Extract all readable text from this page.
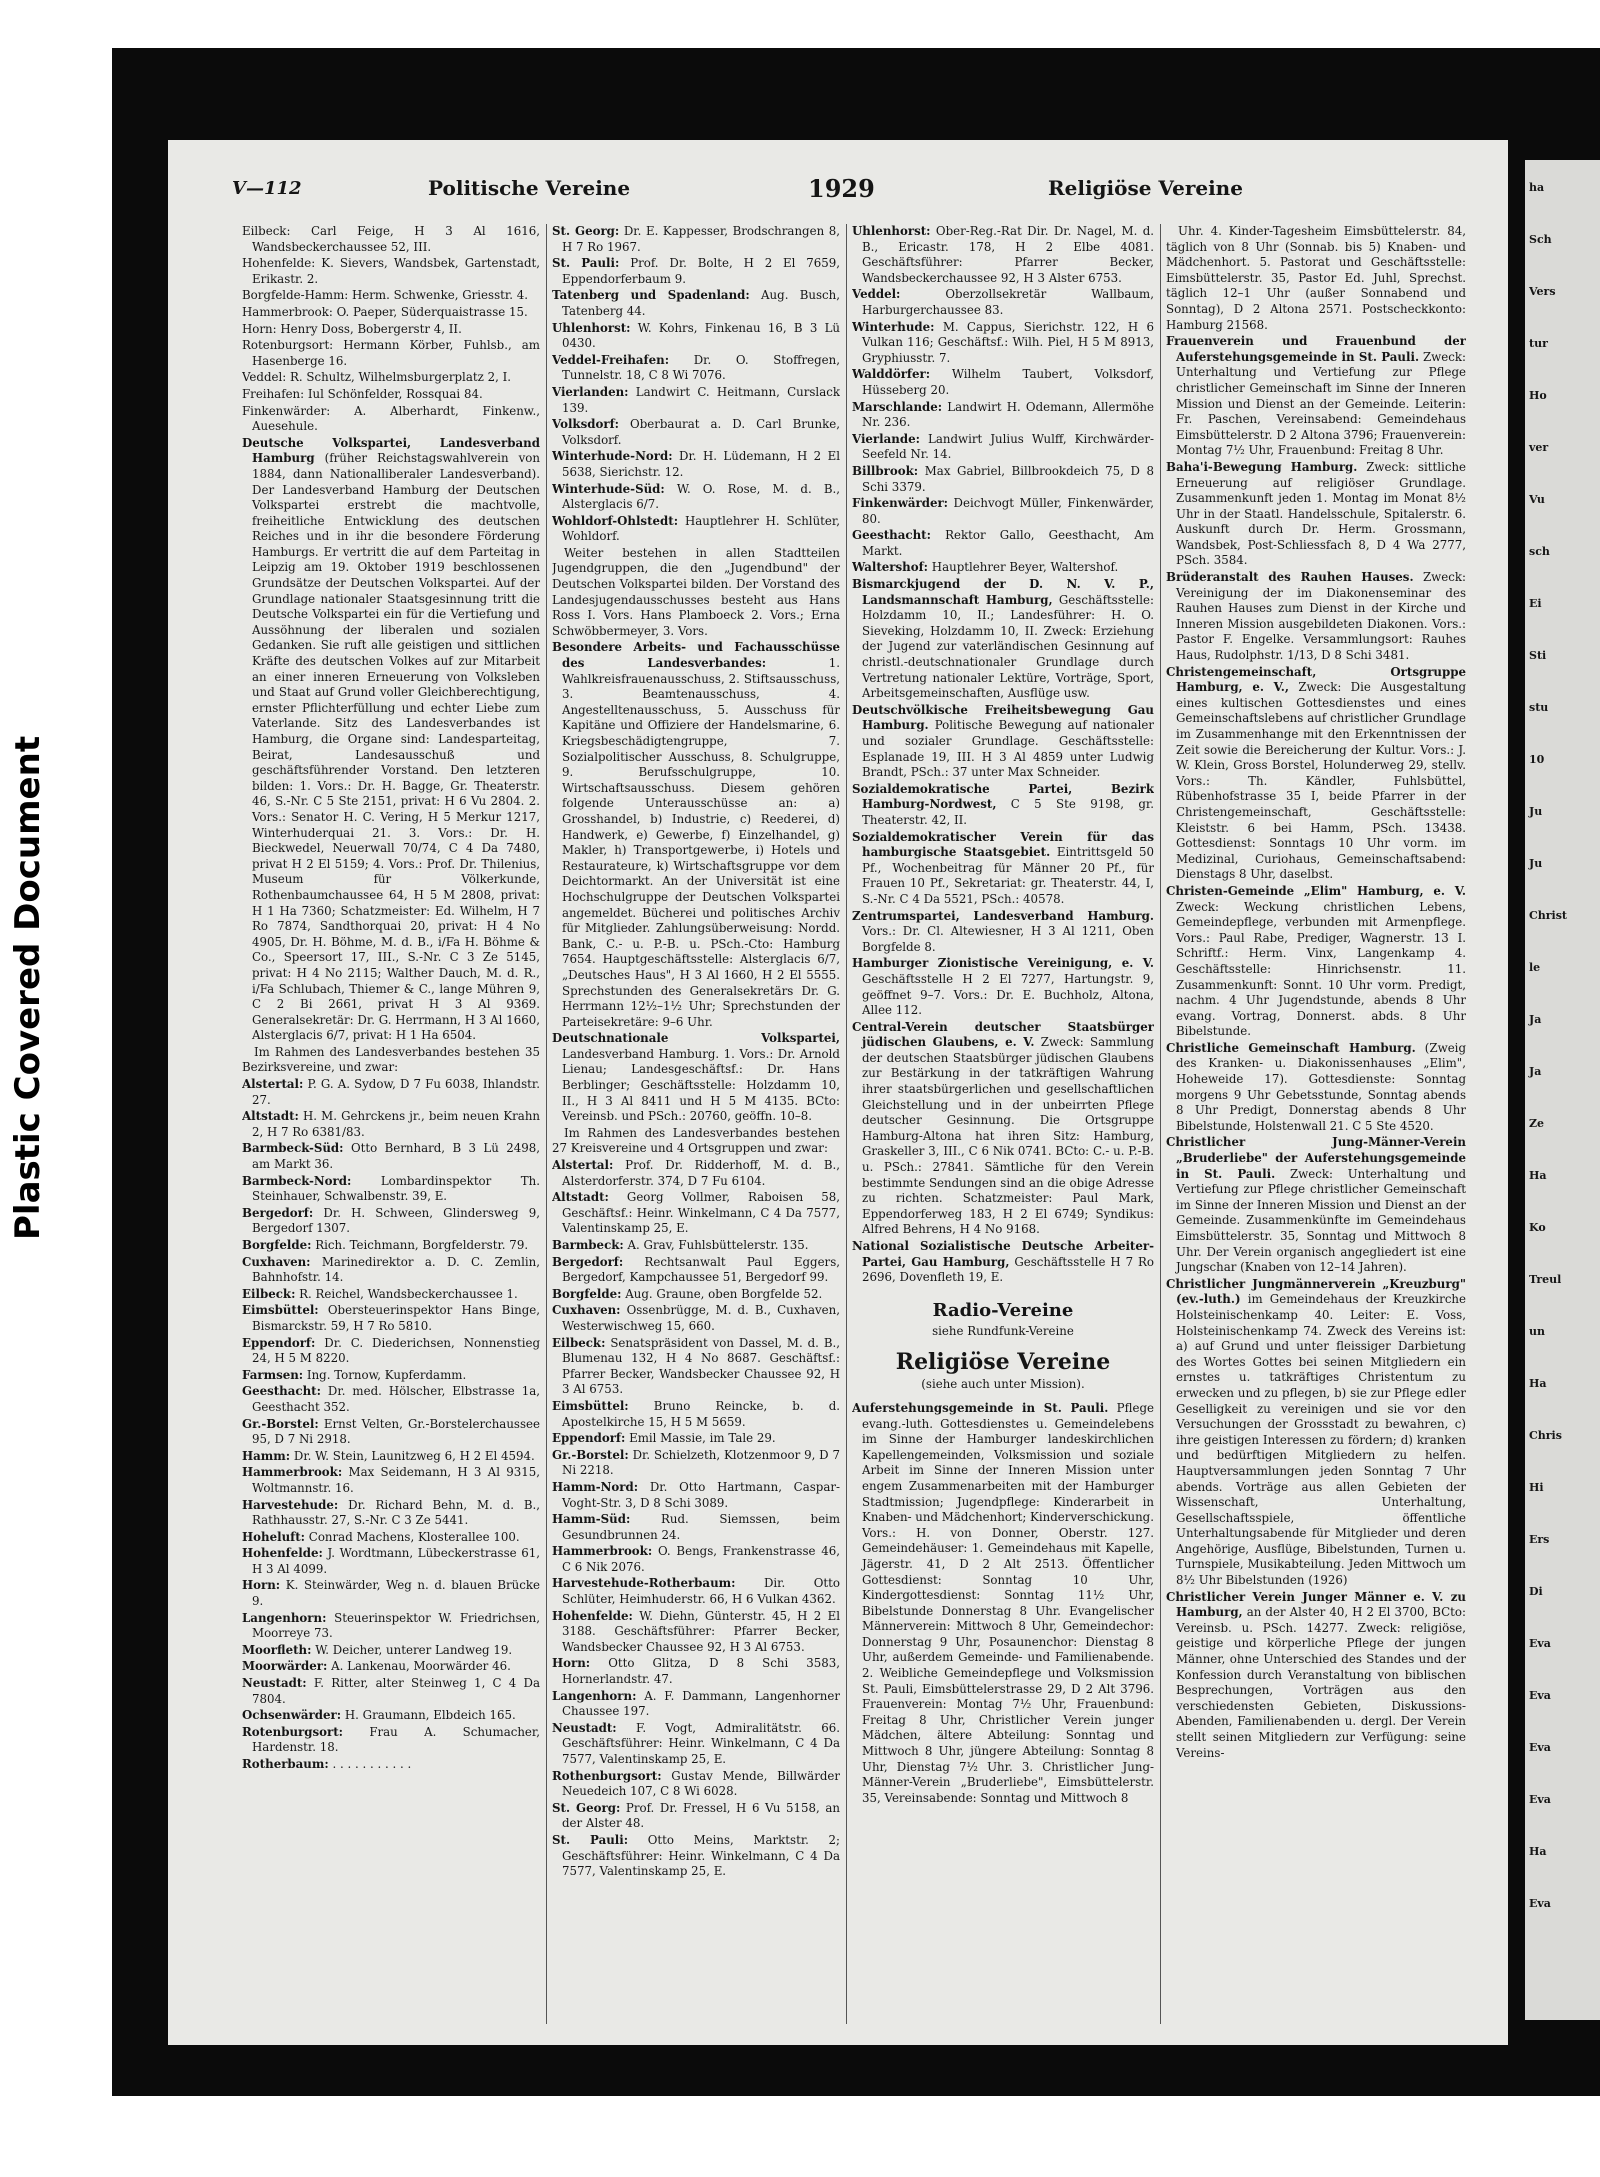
Plastic Covered Document
ha
Sch
Vers
tur
Ho
ver
Vu
sch
Ei
Sti
stu
10
Ju
Ju
Christ
le
Ja
Ja
Ze
Ha
Ko
Treul
un
Ha
Chris
Hi
Ers
Di
Eva
Eva
Eva
Eva
Ha
Eva
V—112	Politische Vereine	1929	Religiöse Vereine

Eilbeck: Carl Feige, H 3 Al 1616, Wandsbeckerchaussee 52, III.

Hohenfelde: K. Sievers, Wandsbek, Gartenstadt, Erikastr. 2.

Borgfelde-Hamm: Herm. Schwenke, Griesstr. 4.

Hammerbrook: O. Paeper, Süderquaistrasse 15.

Horn: Henry Doss, Bobergerstr 4, II.

Rotenburgsort: Hermann Körber, Fuhlsb., am Hasenberge 16.

Veddel: R. Schultz, Wilhelmsburgerplatz 2, I.

Freihafen: Iul Schönfelder, Rossquai 84.

Finkenwärder: A. Alberhardt, Finkenw., Auesehule.

Deutsche Volkspartei, Landesverband Hamburg (früher Reichstagswahlverein von 1884, dann Nationalliberaler Landesverband). Der Landesverband Hamburg der Deutschen Volkspartei erstrebt die machtvolle, freiheitliche Entwicklung des deutschen Reiches und in ihr die besondere Förderung Hamburgs. Er vertritt die auf dem Parteitag in Leipzig am 19. Oktober 1919 beschlossenen Grundsätze der Deutschen Volkspartei. Auf der Grundlage nationaler Staatsgesinnung tritt die Deutsche Volkspartei ein für die Vertiefung und Aussöhnung der liberalen und sozialen Gedanken. Sie ruft alle geistigen und sittlichen Kräfte des deutschen Volkes auf zur Mitarbeit an einer inneren Erneuerung von Volksleben und Staat auf Grund voller Gleichberechtigung, ernster Pflichterfüllung und echter Liebe zum Vaterlande. Sitz des Landesverbandes ist Hamburg, die Organe sind: Landesparteitag, Beirat, Landesausschuß und geschäftsführender Vorstand. Den letzteren bilden: 1. Vors.: Dr. H. Bagge, Gr. Theaterstr. 46, S.-Nr. C 5 Ste 2151, privat: H 6 Vu 2804. 2. Vors.: Senator H. C. Vering, H 5 Merkur 1217, Winterhuderquai 21. 3. Vors.: Dr. H. Bieckwedel, Neuerwall 70/74, C 4 Da 7480, privat H 2 El 5159; 4. Vors.: Prof. Dr. Thilenius, Museum für Völkerkunde, Rothenbaumchaussee 64, H 5 M 2808, privat: H 1 Ha 7360; Schatzmeister: Ed. Wilhelm, H 7 Ro 7874, Sandthorquai 20, privat: H 4 No 4905, Dr. H. Böhme, M. d. B., i/Fa H. Böhme & Co., Speersort 17, III., S.-Nr. C 3 Ze 5145, privat: H 4 No 2115; Walther Dauch, M. d. R., i/Fa Schlubach, Thiemer & C., lange Mühren 9, C 2 Bi 2661, privat H 3 Al 9369. Generalsekretär: Dr. G. Herrmann, H 3 Al 1660, Alsterglacis 6/7, privat: H 1 Ha 6504.

Im Rahmen des Landesverbandes bestehen 35 Bezirksvereine, und zwar:

Alstertal: P. G. A. Sydow, D 7 Fu 6038, Ihlandstr. 27.

Altstadt: H. M. Gehrckens jr., beim neuen Krahn 2, H 7 Ro 6381/83.

Barmbeck-Süd: Otto Bernhard, B 3 Lü 2498, am Markt 36.

Barmbeck-Nord:	Lombardinspektor Th. Steinhauer, Schwalbenstr. 39, E.

Bergedorf: Dr. H. Schween, Glindersweg 9, Bergedorf 1307.

Borgfelde: Rich. Teichmann, Borgfelderstr. 79.

Cuxhaven: Marinedirektor a. D. C. Zemlin, Bahnhofstr. 14.

Eilbeck: R. Reichel, Wandsbeckerchaussee 1.

Eimsbüttel: Obersteuerinspektor Hans Binge, Bismarckstr. 59, H 7 Ro 5810.

Eppendorf: Dr. C. Diederichsen, Nonnenstieg 24, H 5 M 8220.

Farmsen: Ing. Tornow, Kupferdamm.

Geesthacht: Dr. med. Hölscher, Elbstrasse 1a, Geesthacht 352.

Gr.-Borstel: Ernst Velten, Gr.-Borstelerchaussee 95, D 7 Ni 2918.

Hamm: Dr. W. Stein, Launitzweg 6, H 2 El 4594.

Hammerbrook: Max Seidemann, H 3 Al 9315, Woltmannstr. 16.

Harvestehude: Dr. Richard Behn, M. d. B., Rathhausstr. 27, S.-Nr. C 3 Ze 5441.

Hoheluft: Conrad Machens, Klosterallee 100.

Hohenfelde: J. Wordtmann, Lübeckerstrasse 61, H 3 Al 4099.

Horn: K. Steinwärder, Weg n. d. blauen Brücke 9.

Langenhorn: Steuerinspektor W. Friedrichsen, Moorreye 73.

Moorfleth: W. Deicher, unterer Landweg 19.

Moorwärder: A. Lankenau, Moorwärder 46.

Neustadt: F. Ritter, alter Steinweg 1, C 4 Da 7804.

Ochsenwärder: H. Graumann, Elbdeich 165.

Rotenburgsort: Frau A. Schumacher, Hardenstr. 18.

Rotherbaum: . . . . . . . . . . .

St. Georg: Dr. E. Kappesser, Brodschrangen 8, H 7 Ro 1967.

St. Pauli: Prof. Dr. Bolte, H 2 El 7659, Eppendorferbaum 9.

Tatenberg und Spadenland: Aug. Busch, Tatenberg 44.

Uhlenhorst: W. Kohrs, Finkenau 16, B 3 Lü 0430.

Veddel-Freihafen: Dr. O. Stoffregen, Tunnelstr. 18, C 8 Wi 7076.

Vierlanden: Landwirt C. Heitmann, Curslack 139.

Volksdorf: Oberbaurat a. D. Carl Brunke, Volksdorf.

Winterhude-Nord: Dr. H. Lüdemann, H 2 El 5638, Sierichstr. 12.

Winterhude-Süd: W. O. Rose, M. d. B., Alsterglacis 6/7.

Wohldorf-Ohlstedt: Hauptlehrer H. Schlüter, Wohldorf.

Weiter bestehen in allen Stadtteilen Jugendgruppen, die den „Jugendbund" der Deutschen Volkspartei bilden. Der Vorstand des Landesjugendausschusses besteht aus Hans Ross I. Vors. Hans Plamboeck 2. Vors.; Erna Schwöbbermeyer, 3. Vors.

Besondere Arbeits- und Fachausschüsse des Landesverbandes:	1. Wahlkreisfrauenausschuss, 2. Stiftsausschuss, 3. Beamtenausschuss, 4. Angestelltenausschuss, 5. Ausschuss für Kapitäne und Offiziere der Handelsmarine, 6. Kriegsbeschädigtengruppe, 7. Sozialpolitischer Ausschuss, 8. Schulgruppe, 9. Berufsschulgruppe, 10. Wirtschaftsausschuss. Diesem gehören folgende Unterausschüsse an: a) Grosshandel, b) Industrie, c) Reederei, d) Handwerk, e) Gewerbe, f) Einzelhandel, g) Makler, h) Transportgewerbe, i) Hotels und Restaurateure, k) Wirtschaftsgruppe vor dem Deichtormarkt. An der Universität ist eine Hochschulgruppe der Deutschen Volkspartei angemeldet. Bücherei und politisches Archiv für Mitglieder. Zahlungsüberweisung: Nordd. Bank, C.- u. P.-B. u. PSch.-Cto: Hamburg 7654. Hauptgeschäftsstelle: Alsterglacis 6/7, „Deutsches Haus", H 3 Al 1660, H 2 El 5555. Sprechstunden des Generalsekretärs Dr. G. Herrmann 12½–1½ Uhr; Sprechstunden der Parteisekretäre: 9–6 Uhr.

Deutschnationale Volkspartei, Landesverband Hamburg. 1. Vors.: Dr. Arnold Lienau; Landesgeschäftsf.: Dr. Hans Berblinger; Geschäftsstelle: Holzdamm 10, II., H 3 Al 8411 und H 5 M 4135. BCto: Vereinsb. und PSch.: 20760, geöffn. 10–8.

Im Rahmen des Landesverbandes bestehen 27 Kreisvereine und 4 Ortsgruppen und zwar:

Alstertal: Prof. Dr. Ridderhoff, M. d. B., Alsterdorferstr. 374, D 7 Fu 6104.

Altstadt: Georg Vollmer, Raboisen 58, Geschäftsf.: Heinr. Winkelmann, C 4 Da 7577, Valentinskamp 25, E.

Barmbeck: A. Grav, Fuhlsbüttelerstr. 135.

Bergedorf: Rechtsanwalt Paul Eggers, Bergedorf, Kampchaussee 51, Bergedorf 99.

Borgfelde: Aug. Graune, oben Borgfelde 52.

Cuxhaven: Ossenbrügge, M. d. B., Cuxhaven, Westerwischweg 15, 660.

Eilbeck: Senatspräsident von Dassel, M. d. B., Blumenau 132, H 4 No 8687. Geschäftsf.: Pfarrer Becker, Wandsbecker Chaussee 92, H 3 Al 6753.

Eimsbüttel: Bruno Reincke, b. d. Apostelkirche 15, H 5 M 5659.

Eppendorf: Emil Massie, im Tale 29.

Gr.-Borstel: Dr. Schielzeth, Klotzenmoor 9, D 7 Ni 2218.

Hamm-Nord: Dr. Otto Hartmann, Caspar-Voght-Str. 3, D 8 Schi 3089.

Hamm-Süd:	Rud. Siemssen, beim Gesundbrunnen 24.

Hammerbrook: O. Bengs, Frankenstrasse 46, C 6 Nik 2076.

Harvestehude-Rotherbaum: Dir. Otto Schlüter, Heimhuderstr. 66, H 6 Vulkan 4362.

Hohenfelde: W. Diehn, Günterstr. 45, H 2 El 3188. Geschäftsführer: Pfarrer Becker, Wandsbecker Chaussee 92, H 3 Al 6753.

Horn: Otto Glitza, D 8 Schi 3583, Hornerlandstr. 47.

Langenhorn: A. F. Dammann, Langenhorner Chaussee 197.

Neustadt: F. Vogt, Admiralitätstr. 66. Geschäftsführer: Heinr. Winkelmann, C 4 Da 7577, Valentinskamp 25, E.

Rothenburgsort: Gustav Mende, Billwärder Neuedeich 107, C 8 Wi 6028.

St. Georg: Prof. Dr. Fressel, H 6 Vu 5158, an der Alster 48.

St. Pauli: Otto Meins, Marktstr. 2; Geschäftsführer: Heinr. Winkelmann, C 4 Da 7577, Valentinskamp 25, E.

Uhlenhorst: Ober-Reg.-Rat Dir. Dr. Nagel, M. d. B., Ericastr. 178, H 2 Elbe 4081. Geschäftsführer: Pfarrer Becker, Wandsbeckerchaussee 92, H 3 Alster 6753.

Veddel:	Oberzollsekretär Wallbaum, Harburgerchaussee 83.

Winterhude: M. Cappus, Sierichstr. 122, H 6 Vulkan 116; Geschäftsf.: Wilh. Piel, H 5 M 8913, Gryphiusstr. 7.

Walddörfer: Wilhelm Taubert, Volksdorf, Hüsseberg 20.

Marschlande: Landwirt H. Odemann, Allermöhe Nr. 236.

Vierlande: Landwirt Julius Wulff, Kirchwärder-Seefeld Nr. 14.

Billbrook: Max Gabriel, Billbrookdeich 75, D 8 Schi 3379.

Finkenwärder: Deichvogt Müller, Finkenwärder, 80.

Geesthacht: Rektor Gallo, Geesthacht, Am Markt.

Waltershof: Hauptlehrer Beyer, Waltershof.

Bismarckjugend der D. N. V. P., Landsmannschaft Hamburg, Geschäftsstelle: Holzdamm 10, II.; Landesführer: H. O. Sieveking, Holzdamm 10, II. Zweck: Erziehung der Jugend zur vaterländischen Gesinnung auf christl.-deutschnationaler Grundlage durch Vertretung nationaler Lektüre, Vorträge, Sport, Arbeitsgemeinschaften, Ausflüge usw.

Deutschvölkische Freiheitsbewegung Gau Hamburg. Politische Bewegung auf nationaler und sozialer Grundlage. Geschäftsstelle: Esplanade 19, III. H 3 Al 4859 unter Ludwig Brandt, PSch.: 37 unter Max Schneider.

Sozialdemokratische Partei, Bezirk Hamburg-Nordwest, C 5 Ste 9198, gr. Theaterstr. 42, II.

Sozialdemokratischer Verein für das hamburgische Staatsgebiet. Eintrittsgeld 50 Pf., Wochenbeitrag für Männer 20 Pf., für Frauen 10 Pf., Sekretariat: gr. Theaterstr. 44, I, S.-Nr. C 4 Da 5521, PSch.: 40578.

Zentrumspartei, Landesverband Hamburg. Vors.: Dr. Cl. Altewiesner, H 3 Al 1211, Oben Borgfelde 8.

Hamburger Zionistische Vereinigung, e. V. Geschäftsstelle H 2 El 7277, Hartungstr. 9, geöffnet 9–7. Vors.: Dr. E. Buchholz, Altona, Allee 112.

Central-Verein deutscher Staatsbürger jüdischen Glaubens, e. V. Zweck: Sammlung der deutschen Staatsbürger jüdischen Glaubens zur Bestärkung in der tatkräftigen Wahrung ihrer staatsbürgerlichen und gesellschaftlichen Gleichstellung und in der unbeirrten Pflege deutscher Gesinnung. Die Ortsgruppe Hamburg-Altona hat ihren Sitz: Hamburg, Graskeller 3, III., C 6 Nik 0741. BCto: C.- u. P.-B. u. PSch.: 27841. Sämtliche für den Verein bestimmte Sendungen sind an die obige Adresse zu richten. Schatzmeister: Paul Mark, Eppendorferweg 183, H 2 El 6749; Syndikus: Alfred Behrens, H 4 No 9168.

National Sozialistische Deutsche Arbeiter-Partei, Gau Hamburg, Geschäftsstelle H 7 Ro 2696, Dovenfleth 19, E.

Radio-Vereine

siehe Rundfunk-Vereine

Religiöse Vereine

(siehe auch unter Mission).

Auferstehungsgemeinde in St. Pauli. Pflege evang.-luth. Gottesdienstes u. Gemeindelebens im Sinne der Hamburger landeskirchlichen Kapellengemeinden, Volksmission und soziale Arbeit im Sinne der Inneren Mission unter engem Zusammenarbeiten mit der Hamburger Stadtmission; Jugendpflege: Kinderarbeit in Knaben- und Mädchenhort; Kinderverschickung. Vors.: H. von Donner, Oberstr. 127. Gemeindehäuser: 1. Gemeindehaus mit Kapelle, Jägerstr. 41, D 2 Alt 2513. Öffentlicher Gottesdienst: Sonntag 10 Uhr, Kindergottesdienst: Sonntag 11½ Uhr, Bibelstunde Donnerstag 8 Uhr. Evangelischer Männerverein: Mittwoch 8 Uhr, Gemeindechor: Donnerstag 9 Uhr, Posaunenchor: Dienstag 8 Uhr, außerdem Gemeinde- und Familienabende. 2. Weibliche Gemeindepflege und Volksmission St. Pauli, Eimsbüttelerstrasse 29, D 2 Alt 3796. Frauenverein: Montag 7½ Uhr, Frauenbund: Freitag 8 Uhr, Christlicher Verein junger Mädchen, ältere Abteilung: Sonntag und Mittwoch 8 Uhr, jüngere Abteilung: Sonntag 8 Uhr, Dienstag 7½ Uhr. 3. Christlicher Jung-Männer-Verein „Bruderliebe", Eimsbüttelerstr. 35, Vereinsabende: Sonntag und Mittwoch 8

Uhr. 4. Kinder-Tagesheim Eimsbüttelerstr. 84, täglich von 8 Uhr (Sonnab. bis 5) Knaben- und Mädchenhort. 5. Pastorat und Geschäftsstelle: Eimsbüttelerstr. 35, Pastor Ed. Juhl, Sprechst. täglich 12–1 Uhr (außer Sonnabend und Sonntag), D 2 Altona 2571. Postscheckkonto: Hamburg 21568.

Frauenverein und Frauenbund der Auferstehungsgemeinde in St. Pauli. Zweck: Unterhaltung und Vertiefung zur Pflege christlicher Gemeinschaft im Sinne der Inneren Mission und Dienst an der Gemeinde. Leiterin: Fr. Paschen, Vereinsabend: Gemeindehaus Eimsbüttelerstr. D 2 Altona 3796; Frauenverein: Montag 7½ Uhr, Frauenbund: Freitag 8 Uhr.

Baha'i-Bewegung Hamburg. Zweck: sittliche Erneuerung auf religiöser Grundlage. Zusammenkunft jeden 1. Montag im Monat 8½ Uhr in der Staatl. Handelsschule, Spitalerstr. 6. Auskunft durch Dr. Herm. Grossmann, Wandsbek, Post-Schliessfach 8, D 4 Wa 2777, PSch. 3584.

Brüderanstalt des Rauhen Hauses. Zweck: Vereinigung der im Diakonenseminar des Rauhen Hauses zum Dienst in der Kirche und Inneren Mission ausgebildeten Diakonen. Vors.: Pastor F. Engelke. Versammlungsort: Rauhes Haus, Rudolphstr. 1/13, D 8 Schi 3481.

Christengemeinschaft, Ortsgruppe Hamburg, e. V., Zweck: Die Ausgestaltung eines kultischen Gottesdienstes und eines Gemeinschaftslebens auf christlicher Grundlage im Zusammenhange mit den Erkenntnissen der Zeit sowie die Bereicherung der Kultur. Vors.: J. W. Klein, Gross Borstel, Holunderweg 29, stellv. Vors.: Th. Kändler, Fuhlsbüttel, Rübenhofstrasse 35 I, beide Pfarrer in der Christengemeinschaft, Geschäftsstelle: Kleiststr. 6 bei Hamm, PSch. 13438. Gottesdienst: Sonntags 10 Uhr vorm. im Medizinal, Curiohaus, Gemeinschaftsabend: Dienstags 8 Uhr, daselbst.

Christen-Gemeinde „Elim" Hamburg, e. V. Zweck: Weckung christlichen Lebens, Gemeindepflege, verbunden mit Armenpflege. Vors.: Paul Rabe, Prediger, Wagnerstr. 13 I. Schriftf.: Herm. Vinx, Langenkamp 4. Geschäftsstelle: Hinrichsenstr. 11. Zusammenkunft: Sonnt. 10 Uhr vorm. Predigt, nachm. 4 Uhr Jugendstunde, abends 8 Uhr evang. Vortrag, Donnerst. abds. 8 Uhr Bibelstunde.

Christliche Gemeinschaft Hamburg. (Zweig des Kranken- u. Diakonissenhauses „Elim", Hoheweide 17). Gottesdienste: Sonntag morgens 9 Uhr Gebetsstunde, Sonntag abends 8 Uhr Predigt, Donnerstag abends 8 Uhr Bibelstunde, Holstenwall 21. C 5 Ste 4520.

Christlicher Jung-Männer-Verein „Bruderliebe" der Auferstehungsgemeinde in St. Pauli. Zweck: Unterhaltung und Vertiefung zur Pflege christlicher Gemeinschaft im Sinne der Inneren Mission und Dienst an der Gemeinde. Zusammenkünfte im Gemeindehaus Eimsbüttelerstr. 35, Sonntag und Mittwoch 8 Uhr. Der Verein organisch angegliedert ist eine Jungschar (Knaben von 12–14 Jahren).

Christlicher Jungmännerverein „Kreuzburg" (ev.-luth.) im Gemeindehaus der Kreuzkirche Holsteinischenkamp 40. Leiter: E. Voss, Holsteinischenkamp 74. Zweck des Vereins ist: a) auf Grund und unter fleissiger Darbietung des Wortes Gottes bei seinen Mitgliedern ein ernstes u. tatkräftiges Christentum zu erwecken und zu pflegen, b) sie zur Pflege edler Geselligkeit zu vereinigen und sie vor den Versuchungen der Grossstadt zu bewahren, c) ihre geistigen Interessen zu fördern; d) kranken und bedürftigen Mitgliedern zu helfen. Hauptversammlungen jeden Sonntag 7 Uhr abends. Vorträge aus allen Gebieten der Wissenschaft, Unterhaltung, Gesellschaftsspiele, öffentliche Unterhaltungsabende für Mitglieder und deren Angehörige, Ausflüge, Bibelstunden, Turnen u. Turnspiele, Musikabteilung. Jeden Mittwoch um 8½ Uhr Bibelstunden (1926)

Christlicher Verein Junger Männer e. V. zu Hamburg, an der Alster 40, H 2 El 3700, BCto: Vereinsb. u. PSch. 14277. Zweck: religiöse, geistige und körperliche Pflege der jungen Männer, ohne Unterschied des Standes und der Konfession durch Veranstaltung von biblischen Besprechungen, Vorträgen aus den verschiedensten Gebieten, Diskussions-Abenden, Familienabenden u. dergl. Der Verein stellt seinen Mitgliedern zur Verfügung: seine Vereins-
